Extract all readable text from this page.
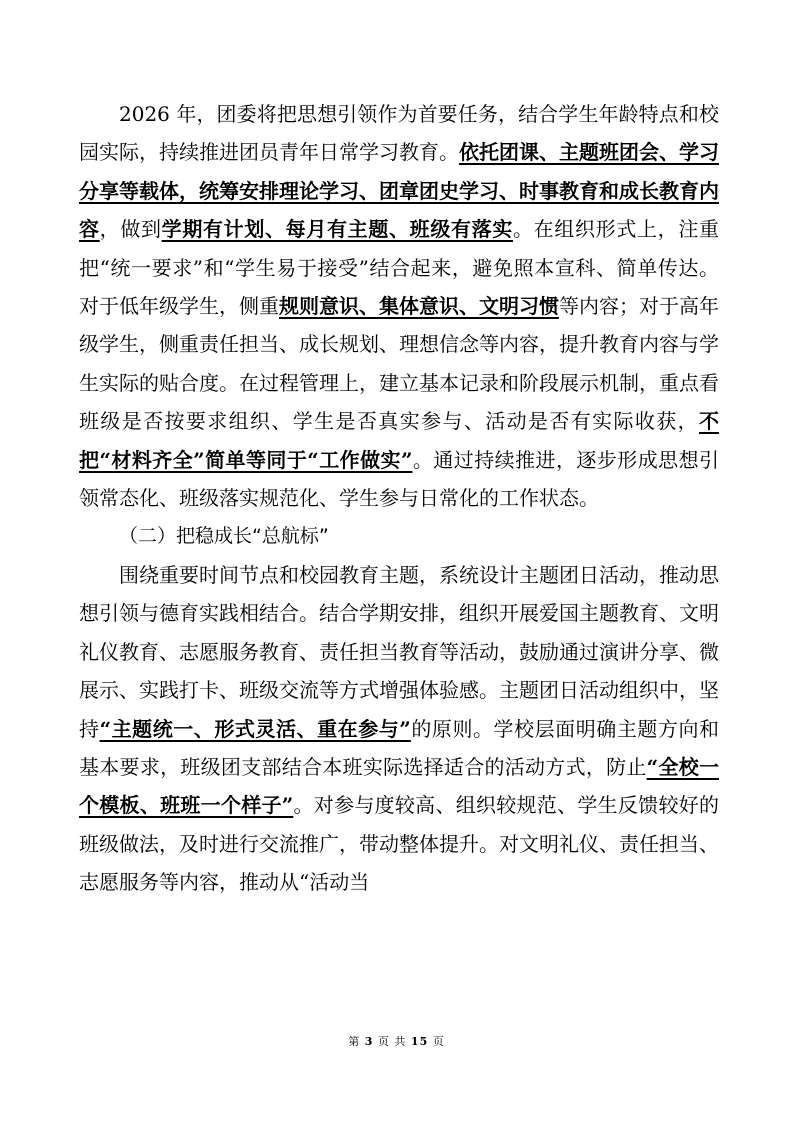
2026 年，团委将把思想引领作为首要任务，结合学生年龄特点和校园实际，持续推进团员青年日常学习教育。依托团课、主题班团会、学习分享等载体，统筹安排理论学习、团章团史学习、时事教育和成长教育内容，做到学期有计划、每月有主题、班级有落实。在组织形式上，注重把“统一要求”和“学生易于接受”结合起来，避免照本宣科、简单传达。对于低年级学生，侧重规则意识、集体意识、文明习惯等内容；对于高年级学生，侧重责任担当、成长规划、理想信念等内容，提升教育内容与学生实际的贴合度。在过程管理上，建立基本记录和阶段展示机制，重点看班级是否按要求组织、学生是否真实参与、活动是否有实际收获，不把“材料齐全”简单等同于“工作做实”。通过持续推进，逐步形成思想引领常态化、班级落实规范化、学生参与日常化的工作状态。

（二）把稳成长“总航标”

围绕重要时间节点和校园教育主题，系统设计主题团日活动，推动思想引领与德育实践相结合。结合学期安排，组织开展爱国主题教育、文明礼仪教育、志愿服务教育、责任担当教育等活动，鼓励通过演讲分享、微展示、实践打卡、班级交流等方式增强体验感。主题团日活动组织中，坚持“主题统一、形式灵活、重在参与”的原则。学校层面明确主题方向和基本要求，班级团支部结合本班实际选择适合的活动方式，防止“全校一个模板、班班一个样子”。对参与度较高、组织较规范、学生反馈较好的班级做法，及时进行交流推广，带动整体提升。对文明礼仪、责任担当、志愿服务等内容，推动从“活动当

第 3 页 共 15 页
